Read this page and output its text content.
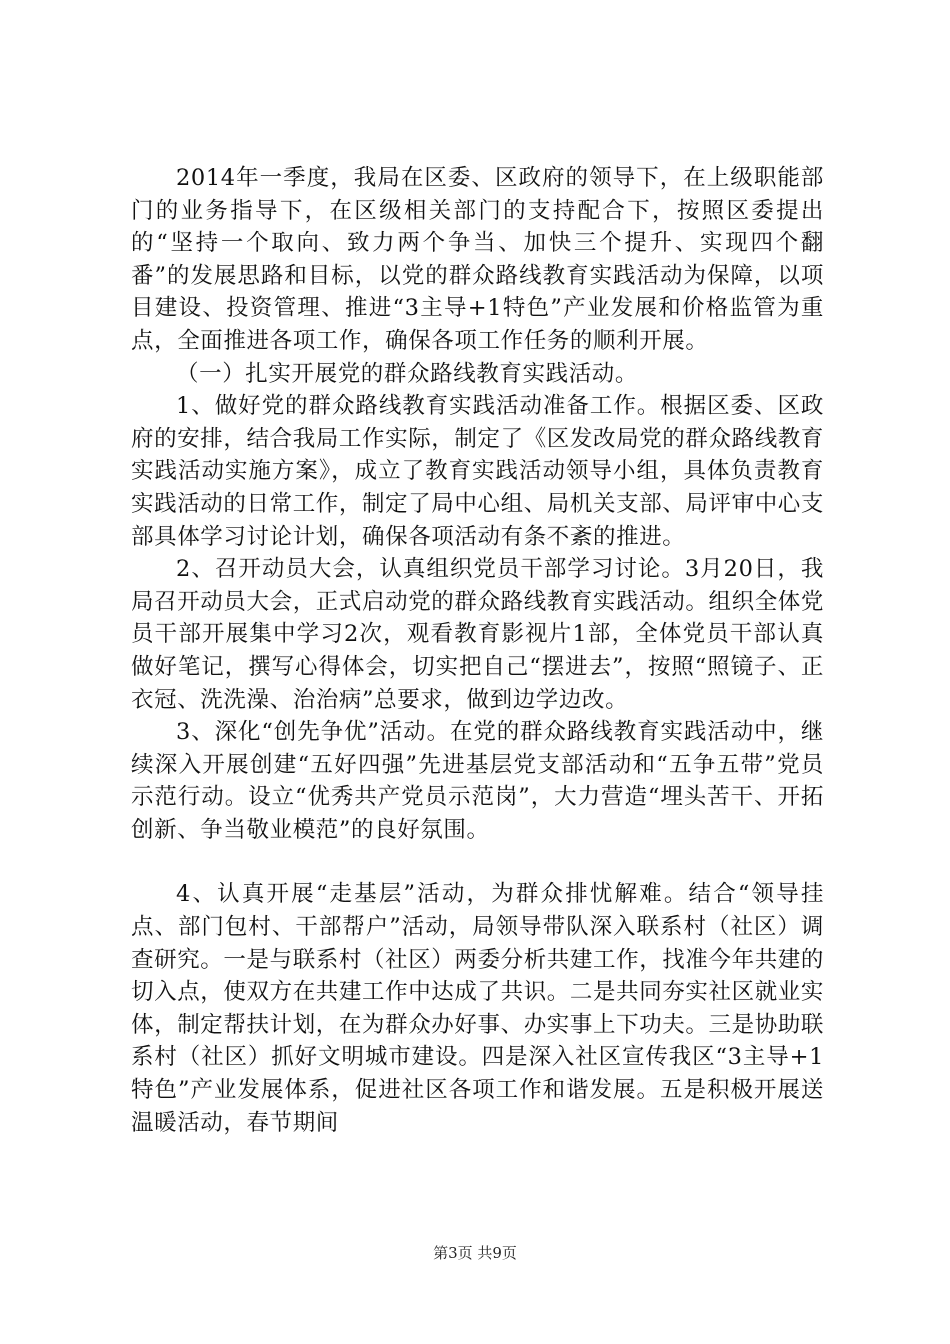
2014年一季度，我局在区委、区政府的领导下，在上级职能部门的业务指导下，在区级相关部门的支持配合下，按照区委提出的“坚持一个取向、致力两个争当、加快三个提升、实现四个翻番”的发展思路和目标，以党的群众路线教育实践活动为保障，以项目建设、投资管理、推进“3主导+1特色”产业发展和价格监管为重点，全面推进各项工作，确保各项工作任务的顺利开展。

（一）扎实开展党的群众路线教育实践活动。

1、做好党的群众路线教育实践活动准备工作。根据区委、区政府的安排，结合我局工作实际，制定了《区发改局党的群众路线教育实践活动实施方案》，成立了教育实践活动领导小组，具体负责教育实践活动的日常工作，制定了局中心组、局机关支部、局评审中心支部具体学习讨论计划，确保各项活动有条不紊的推进。

2、召开动员大会，认真组织党员干部学习讨论。3月20日，我局召开动员大会，正式启动党的群众路线教育实践活动。组织全体党员干部开展集中学习2次，观看教育影视片1部，全体党员干部认真做好笔记，撰写心得体会，切实把自己“摆进去”，按照“照镜子、正衣冠、洗洗澡、治治病”总要求，做到边学边改。

3、深化“创先争优”活动。在党的群众路线教育实践活动中，继续深入开展创建“五好四强”先进基层党支部活动和“五争五带”党员示范行动。设立“优秀共产党员示范岗”，大力营造“埋头苦干、开拓创新、争当敬业模范”的良好氛围。

4、认真开展“走基层”活动，为群众排忧解难。结合“领导挂点、部门包村、干部帮户”活动，局领导带队深入联系村（社区）调查研究。一是与联系村（社区）两委分析共建工作，找准今年共建的切入点，使双方在共建工作中达成了共识。二是共同夯实社区就业实体，制定帮扶计划，在为群众办好事、办实事上下功夫。三是协助联系村（社区）抓好文明城市建设。四是深入社区宣传我区“3主导+1特色”产业发展体系，促进社区各项工作和谐发展。五是积极开展送温暖活动，春节期间

第3页 共9页
